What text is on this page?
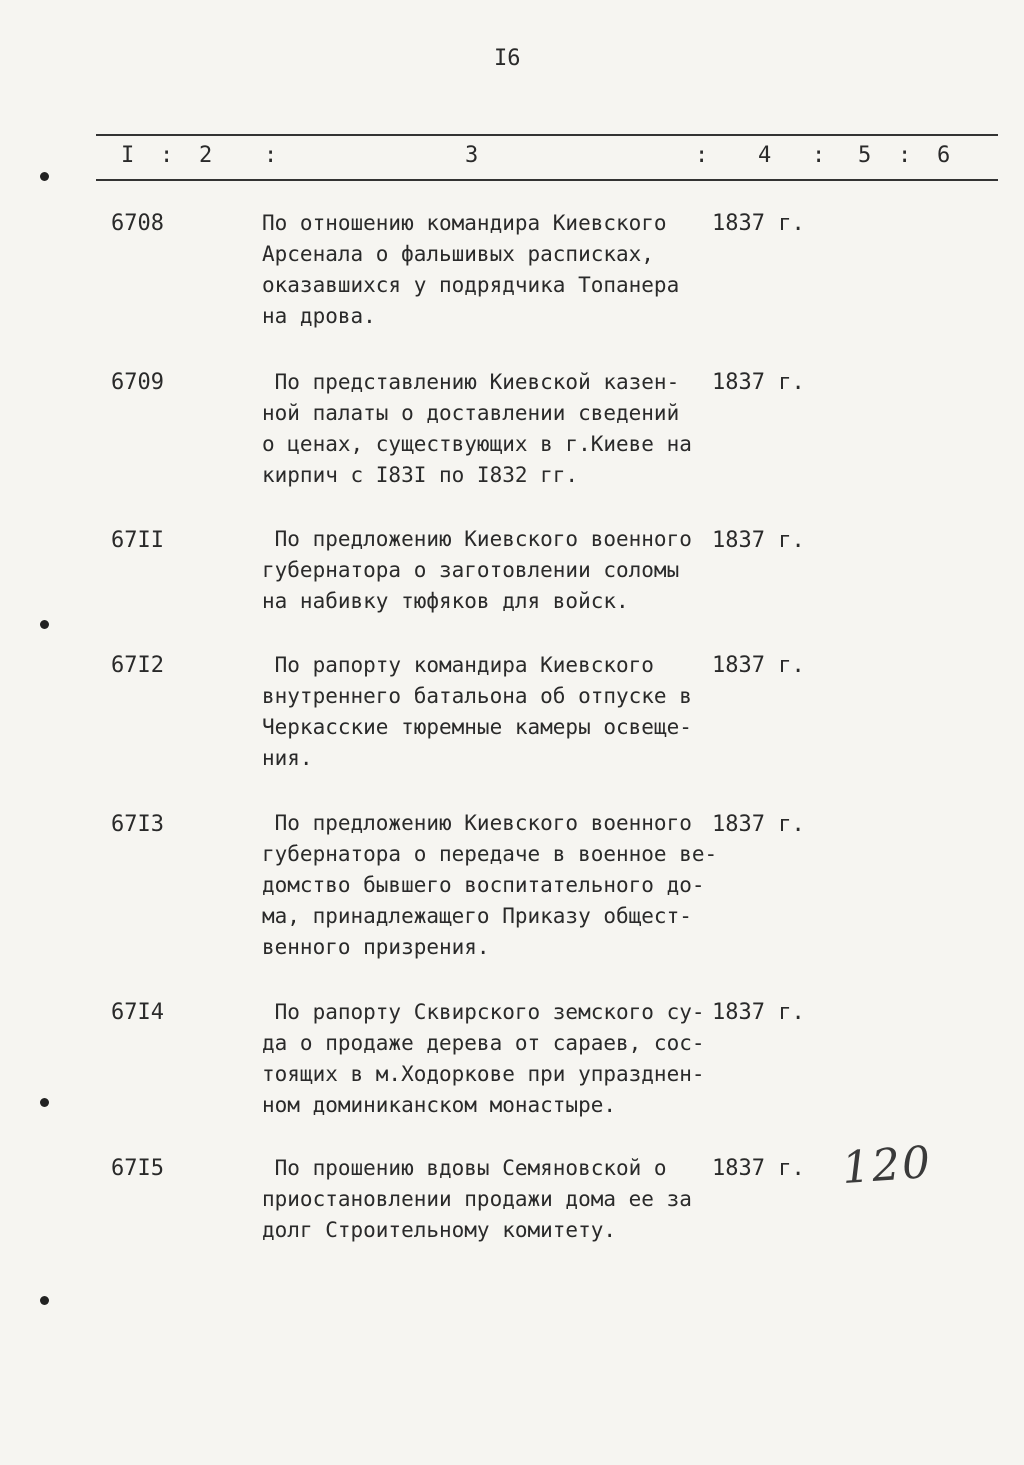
I6
I : 2 :	3	: 4 : 5 : 6
6708	По отношению командира Киевского
Арсенала о фальшивых расписках,
оказавшихся у подрядчика Топанера
на дрова.
1837 г.
6709	По представлению Киевской казен-
ной палаты о доставлении сведений
о ценах, существующих в г.Киеве на
кирпич с I83I по I832 гг.
1837 г.
67II	По предложению Киевского военного
губернатора о заготовлении соломы
на набивку тюфяков для войск.
1837 г.
67I2	По рапорту командира Киевского
внутреннего батальона об отпуске в
Черкасские тюремные камеры освеще-
ния.
1837 г.
67I3	По предложению Киевского военного
губернатора о передаче в военное ве-
домство бывшего воспитательного до-
ма, принадлежащего Приказу общест-
венного призрения.
1837 г.
67I4	По рапорту Сквирского земского су-
да о продаже дерева от сараев, сос-
тоящих в м.Ходоркове при упразднен-
ном доминиканском монастыре.
1837 г.
67I5	По прошению вдовы Семяновской о
приостановлении продажи дома ее за
долг Строительному комитету.
1837 г. 120
